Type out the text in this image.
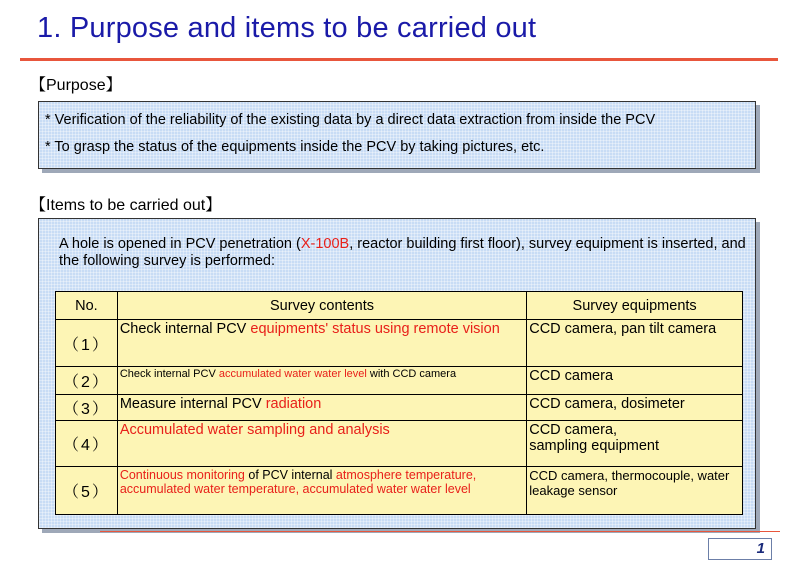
1. Purpose and items to be carried out
【Purpose】
* Verification of the reliability of the existing data by a direct data extraction from inside the PCV
* To grasp the status of the equipments inside the PCV by taking pictures, etc.
【Items to be carried out】
A hole is opened in PCV penetration (X-100B, reactor building first floor), survey equipment is inserted, and the following survey is performed:
No.	Survey contents	Survey equipments
（1）	Check internal PCV equipments' status using remote vision	CCD camera, pan tilt camera
（2）	Check internal PCV accumulated water water level with CCD camera	CCD camera
（3）	Measure internal PCV radiation	CCD camera, dosimeter
（4）	Accumulated water sampling and analysis	CCD camera,
sampling equipment

（5）	Continuous monitoring of PCV internal atmosphere temperature, accumulated water temperature, accumulated water water level	CCD camera, thermocouple, water leakage sensor
1
